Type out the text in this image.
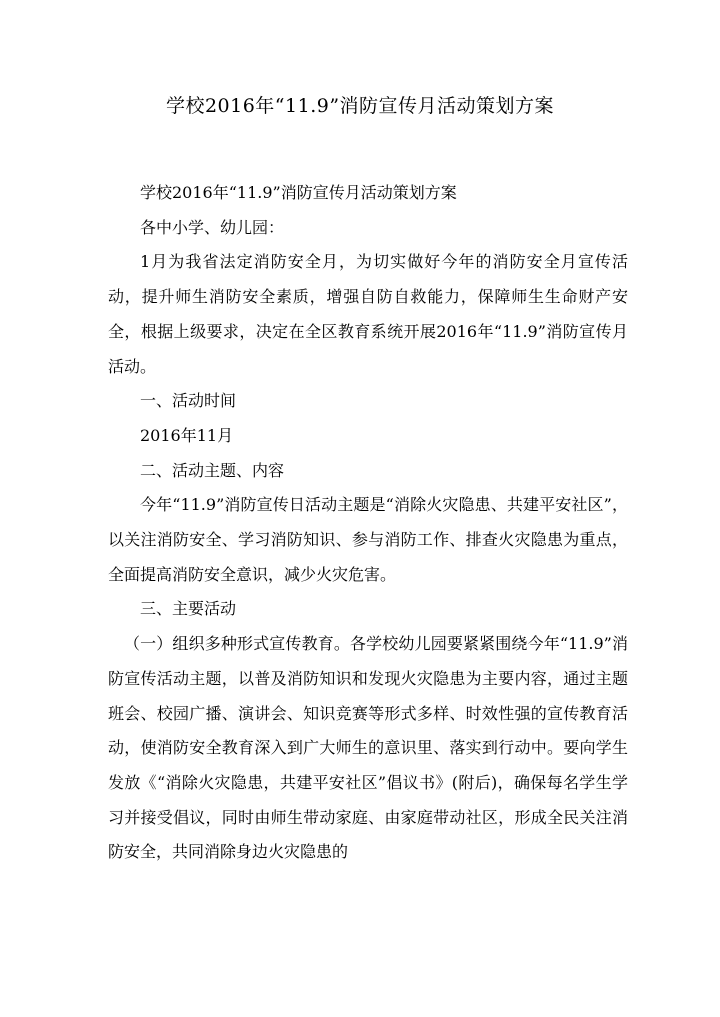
学校2016年“11.9”消防宣传月活动策划方案

学校2016年“11.9”消防宣传月活动策划方案

各中小学、幼儿园：

1月为我省法定消防安全月，为切实做好今年的消防安全月宣传活动，提升师生消防安全素质，增强自防自救能力，保障师生生命财产安全，根据上级要求，决定在全区教育系统开展2016年“11.9”消防宣传月活动。

一、活动时间

2016年11月

二、活动主题、内容

今年“11.9”消防宣传日活动主题是“消除火灾隐患、共建平安社区”，以关注消防安全、学习消防知识、参与消防工作、排查火灾隐患为重点，全面提高消防安全意识，减少火灾危害。

三、主要活动

（一）组织多种形式宣传教育。各学校幼儿园要紧紧围绕今年“11.9”消防宣传活动主题，以普及消防知识和发现火灾隐患为主要内容，通过主题班会、校园广播、演讲会、知识竞赛等形式多样、时效性强的宣传教育活动，使消防安全教育深入到广大师生的意识里、落实到行动中。要向学生发放《“消除火灾隐患，共建平安社区”倡议书》(附后)，确保每名学生学习并接受倡议，同时由师生带动家庭、由家庭带动社区，形成全民关注消防安全，共同消除身边火灾隐患的
